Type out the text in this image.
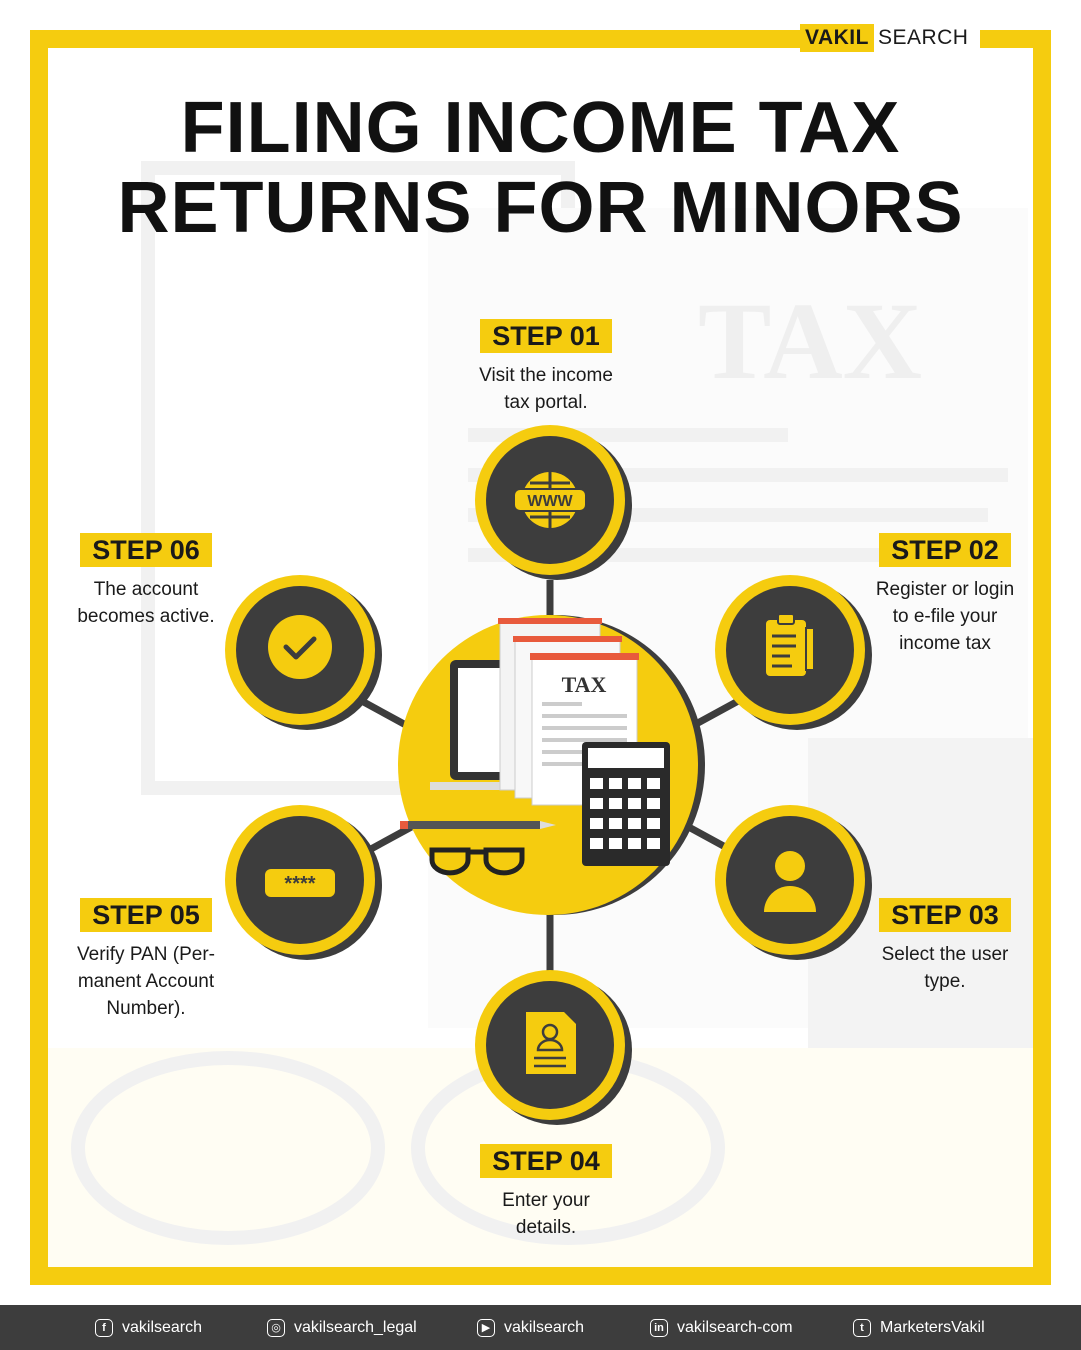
TAX
VAKIL SEARCH
FILING INCOME TAX
RETURNS FOR MINORS
TAX
WWW
****
STEP 01
Visit the income
tax portal.
STEP 02
Register or login
to e-file your
income tax
STEP 03
Select the user
type.
STEP 04
Enter your
details.
STEP 05
Verify PAN (Per-
manent Account
Number).
STEP 06
The account
becomes active.
f	vakilsearch	◎ vakilsearch_legal	▶ vakilsearch	in vakilsearch-com	t	MarketersVakil
